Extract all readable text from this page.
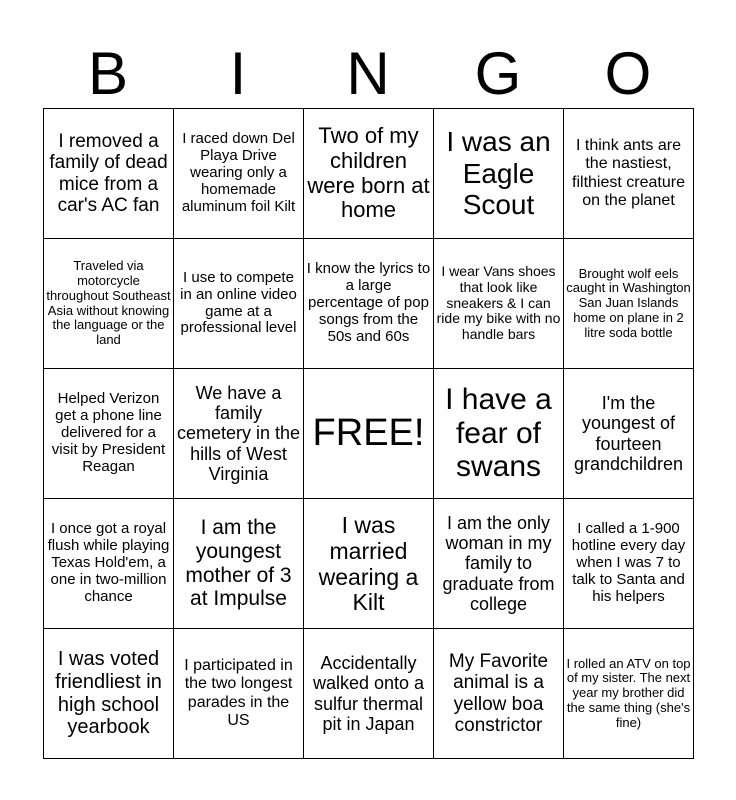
B	I	N	G	O
I removed a family of dead mice from a car's AC fan	I raced down Del Playa Drive wearing only a homemade aluminum foil Kilt	Two of my children were born at home	I was an Eagle Scout	I think ants are the nastiest, filthiest creature on the planet
Traveled via motorcycle throughout Southeast Asia without knowing the language or the land	I use to compete in an online video game at a professional level	I know the lyrics to a large percentage of pop songs from the 50s and 60s	I wear Vans shoes that look like sneakers & I can ride my bike with no handle bars	Brought wolf eels caught in Washington San Juan Islands home on plane in 2 litre soda bottle
Helped Verizon get a phone line delivered for a visit by President Reagan	We have a family cemetery in the hills of West Virginia	FREE!	I have a fear of swans	I'm the youngest of fourteen grandchildren
I once got a royal flush while playing Texas Hold'em, a one in two-million chance	I am the youngest mother of 3 at Impulse	I was married wearing a Kilt	I am the only woman in my family to graduate from college	I called a 1-900 hotline every day when I was 7 to talk to Santa and his helpers
I was voted friendliest in high school yearbook	I participated in the two longest parades in the US	Accidentally walked onto a sulfur thermal pit in Japan	My Favorite animal is a yellow boa constrictor	I rolled an ATV on top of my sister. The next year my brother did the same thing (she's fine)
